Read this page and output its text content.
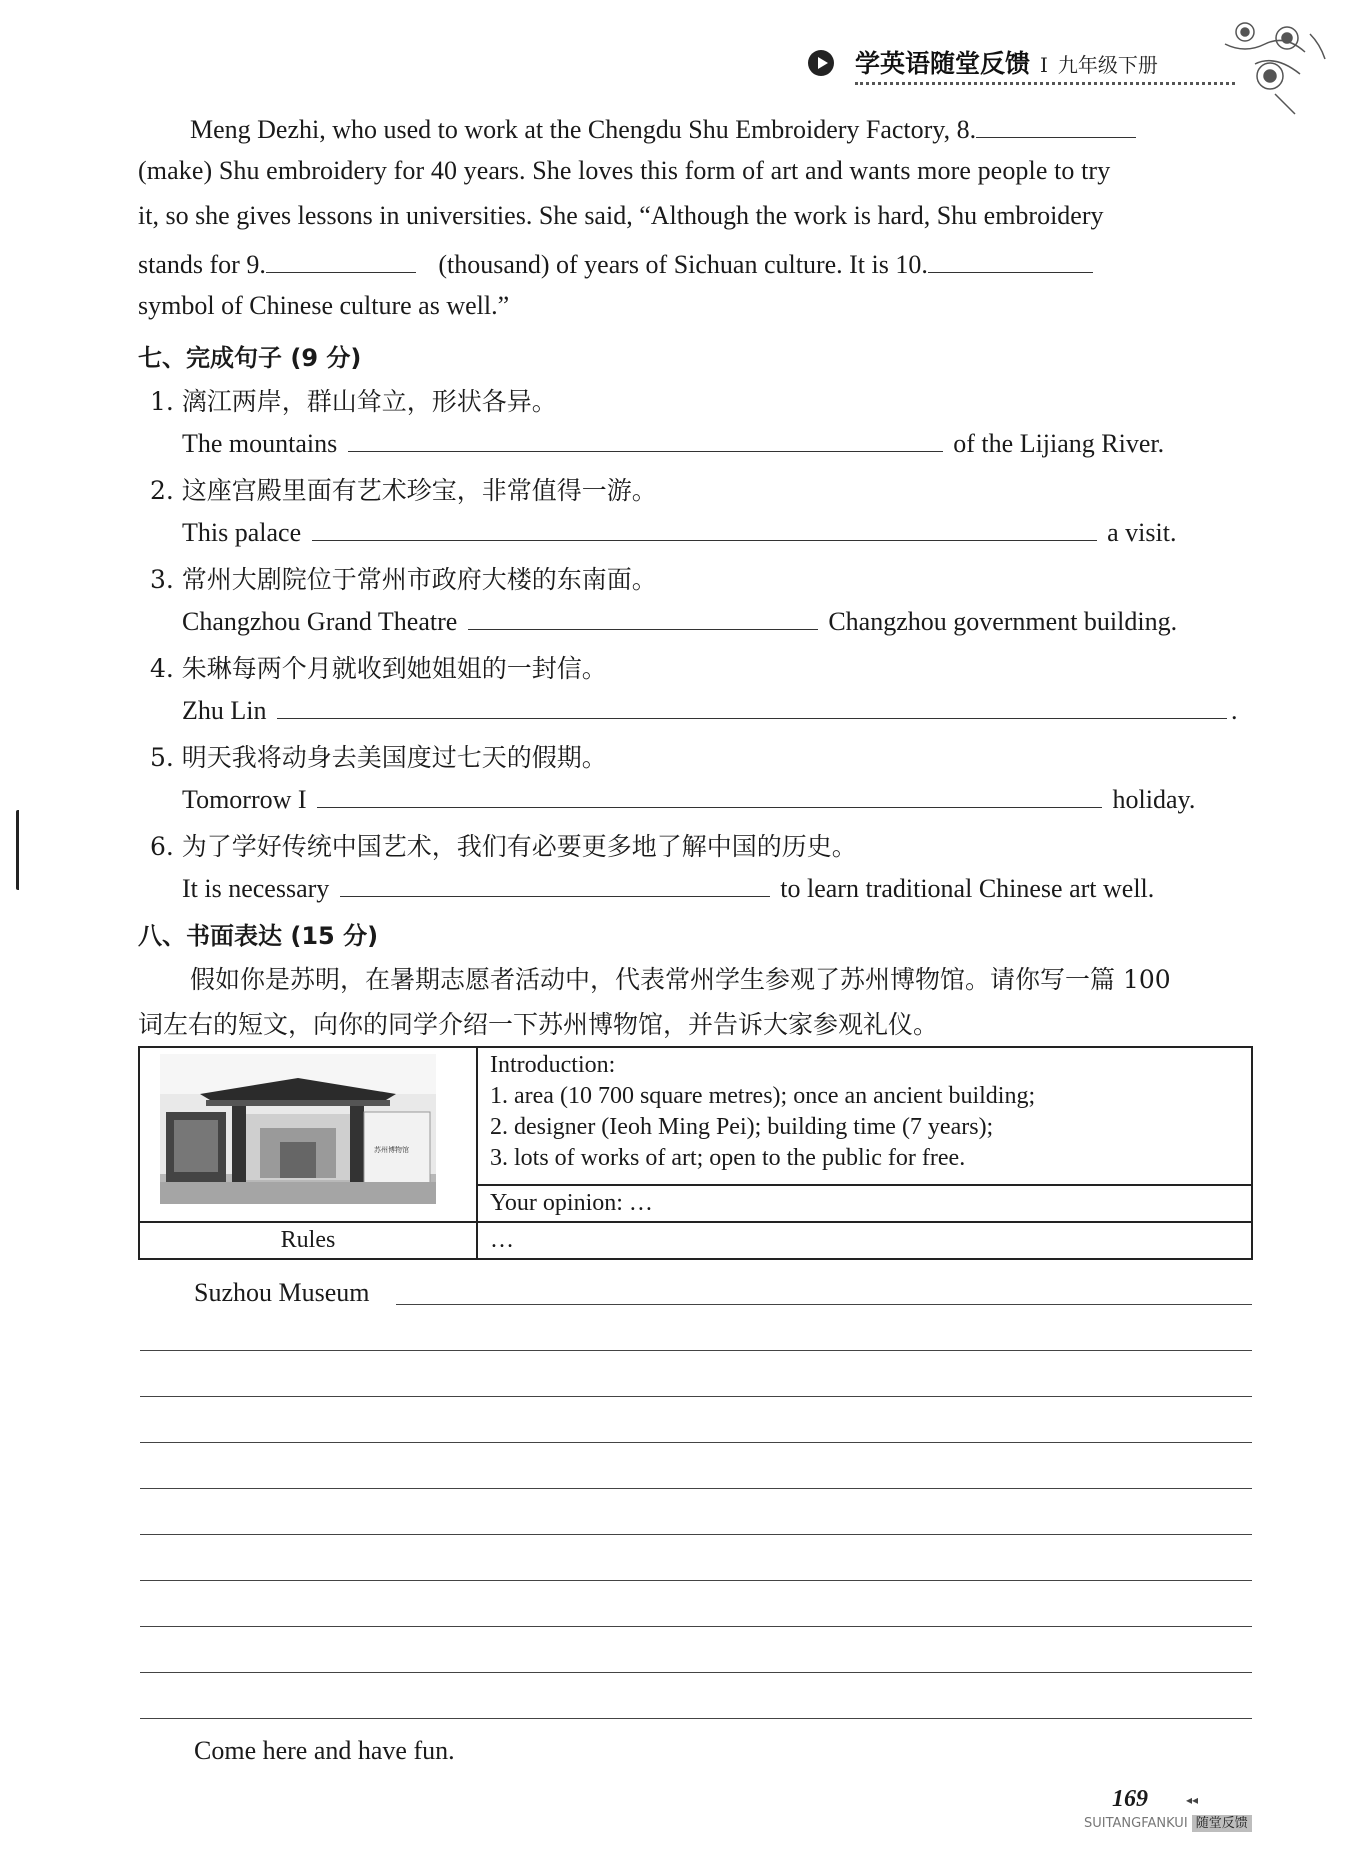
学英语随堂反馈 I 九年级下册
Meng Dezhi, who used to work at the Chengdu Shu Embroidery Factory, 8.
(make) Shu embroidery for 40 years. She loves this form of art and wants more people to try
it, so she gives lessons in universities. She said, “Although the work is hard, Shu embroidery
stands for 9.	(thousand) of years of Sichuan culture. It is 10.
symbol of Chinese culture as well.”
七、完成句子 (9 分)
1. 漓江两岸，群山耸立，形状各异。
The mountains	of the Lijiang River.
2. 这座宫殿里面有艺术珍宝，非常值得一游。
This palace	a visit.
3. 常州大剧院位于常州市政府大楼的东南面。
Changzhou Grand Theatre	Changzhou government building.
4. 朱琳每两个月就收到她姐姐的一封信。
Zhu Lin	.
5. 明天我将动身去美国度过七天的假期。
Tomorrow I	holiday.
6. 为了学好传统中国艺术，我们有必要更多地了解中国的历史。
It is necessary	to learn traditional Chinese art well.
八、书面表达 (15 分)
假如你是苏明，在暑期志愿者活动中，代表常州学生参观了苏州博物馆。请你写一篇 100
词左右的短文，向你的同学介绍一下苏州博物馆，并告诉大家参观礼仪。
苏州博物馆	Introduction:
1. area (10 700 square metres); once an ancient building;
2. designer (Ieoh Ming Pei); building time (7 years);
3. lots of works of art; open to the public for free.

	Your opinion: …
Rules	…
Suzhou Museum
Come here and have fun.
169	◂◂
SUITANGFANKUI 随堂反馈
